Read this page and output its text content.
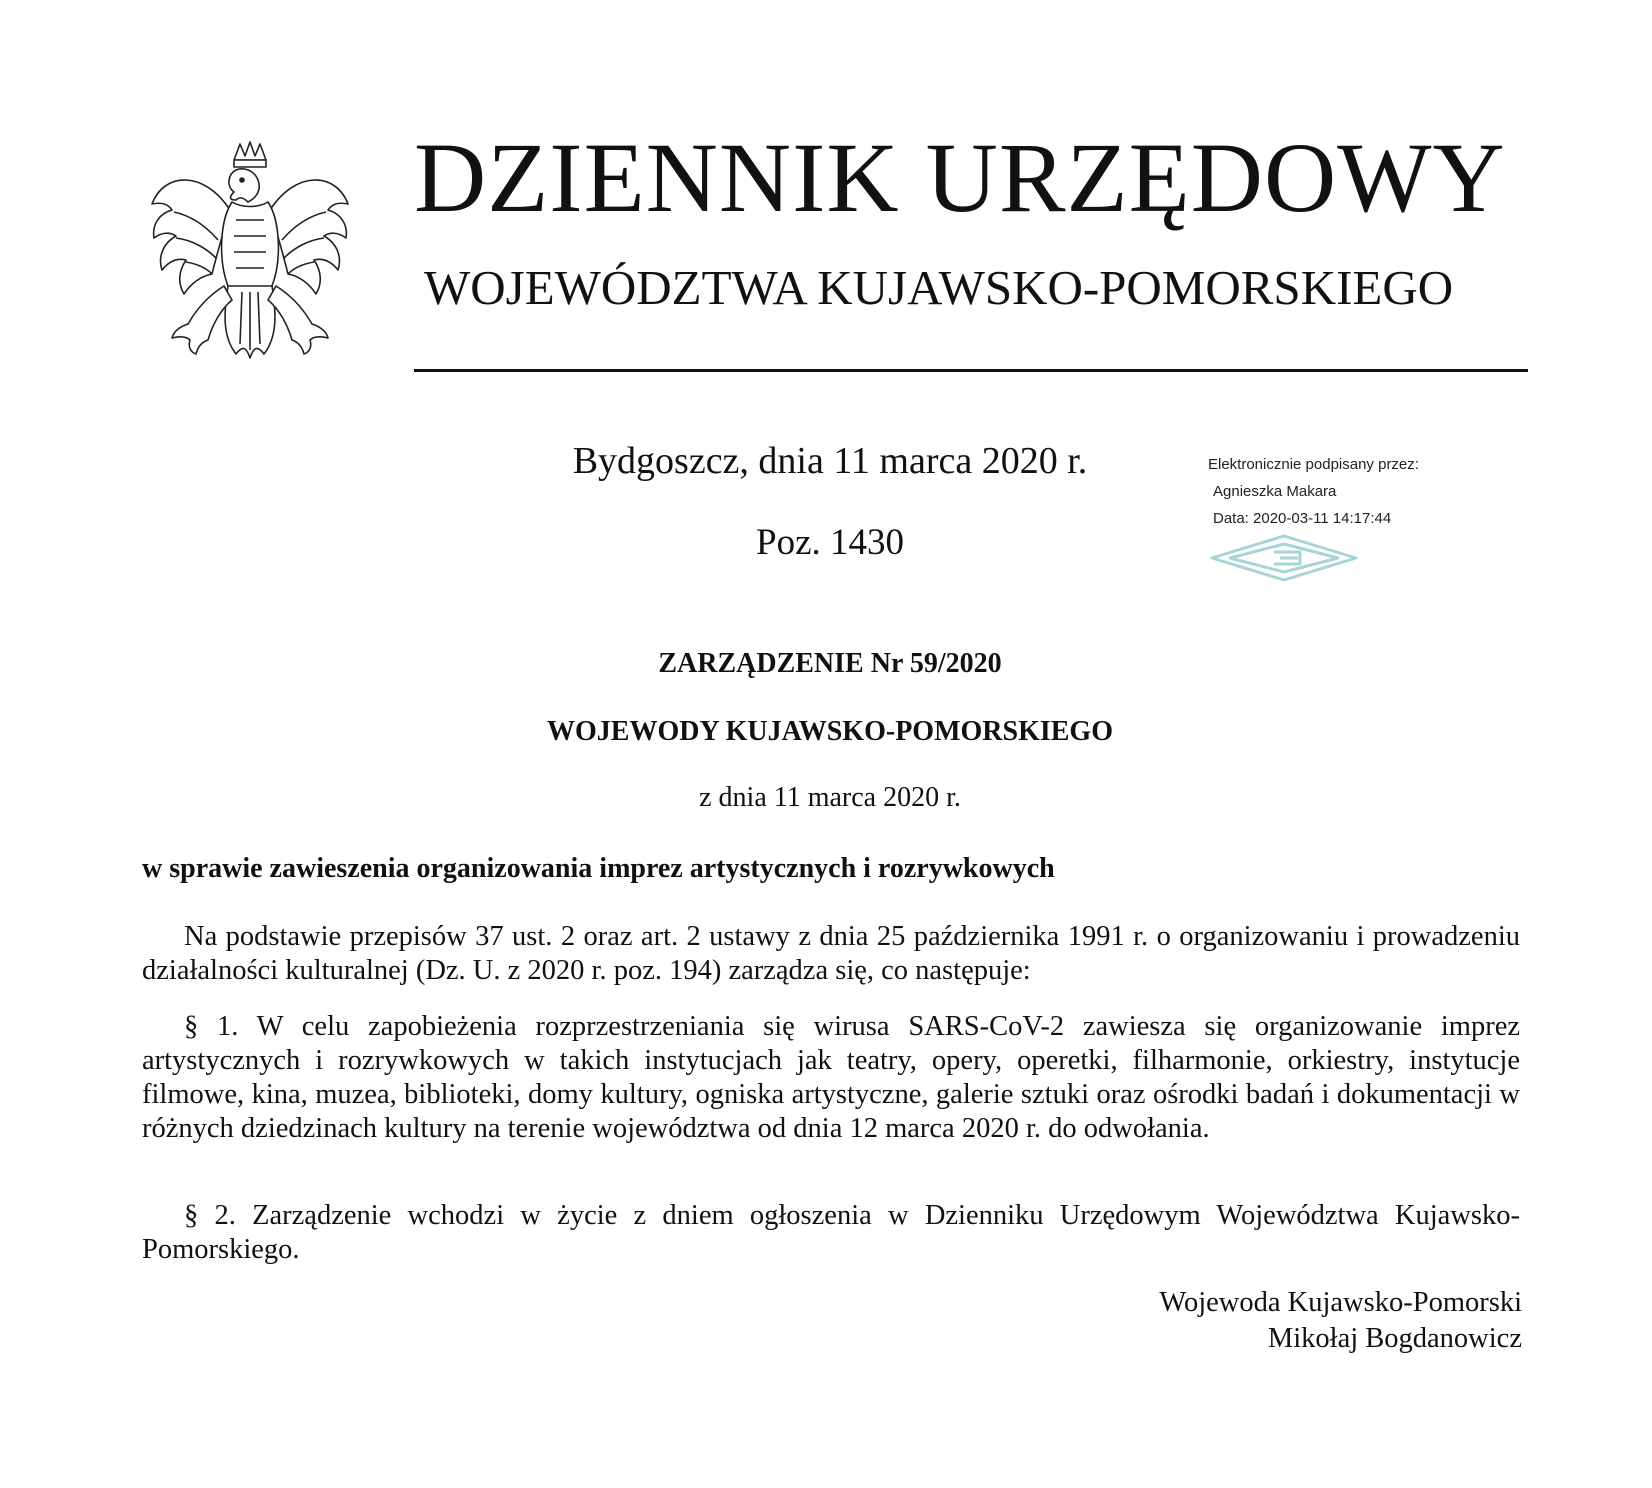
DZIENNIK URZĘDOWY
WOJEWÓDZTWA KUJAWSKO-POMORSKIEGO
Bydgoszcz, dnia 11 marca 2020 r.
Poz. 1430
Elektronicznie podpisany przez:
Agnieszka Makara
Data: 2020-03-11 14:17:44
ZARZĄDZENIE Nr 59/2020
WOJEWODY KUJAWSKO-POMORSKIEGO
z dnia 11 marca 2020 r.
w sprawie zawieszenia organizowania imprez artystycznych i rozrywkowych
Na podstawie przepisów 37 ust. 2 oraz art. 2 ustawy z dnia 25 października 1991 r. o organizowaniu i prowadzeniu działalności kulturalnej (Dz. U. z 2020 r. poz. 194) zarządza się, co następuje:
§ 1. W celu zapobieżenia rozprzestrzeniania się wirusa SARS-CoV-2 zawiesza się organizowanie imprez artystycznych i rozrywkowych w takich instytucjach jak teatry, opery, operetki, filharmonie, orkiestry, instytucje filmowe, kina, muzea, biblioteki, domy kultury, ogniska artystyczne, galerie sztuki oraz ośrodki badań i dokumentacji w różnych dziedzinach kultury na terenie województwa od dnia 12 marca 2020 r. do odwołania.
§ 2. Zarządzenie wchodzi w życie z dniem ogłoszenia w Dzienniku Urzędowym Województwa Kujawsko-Pomorskiego.
Wojewoda Kujawsko-Pomorski
Mikołaj Bogdanowicz
